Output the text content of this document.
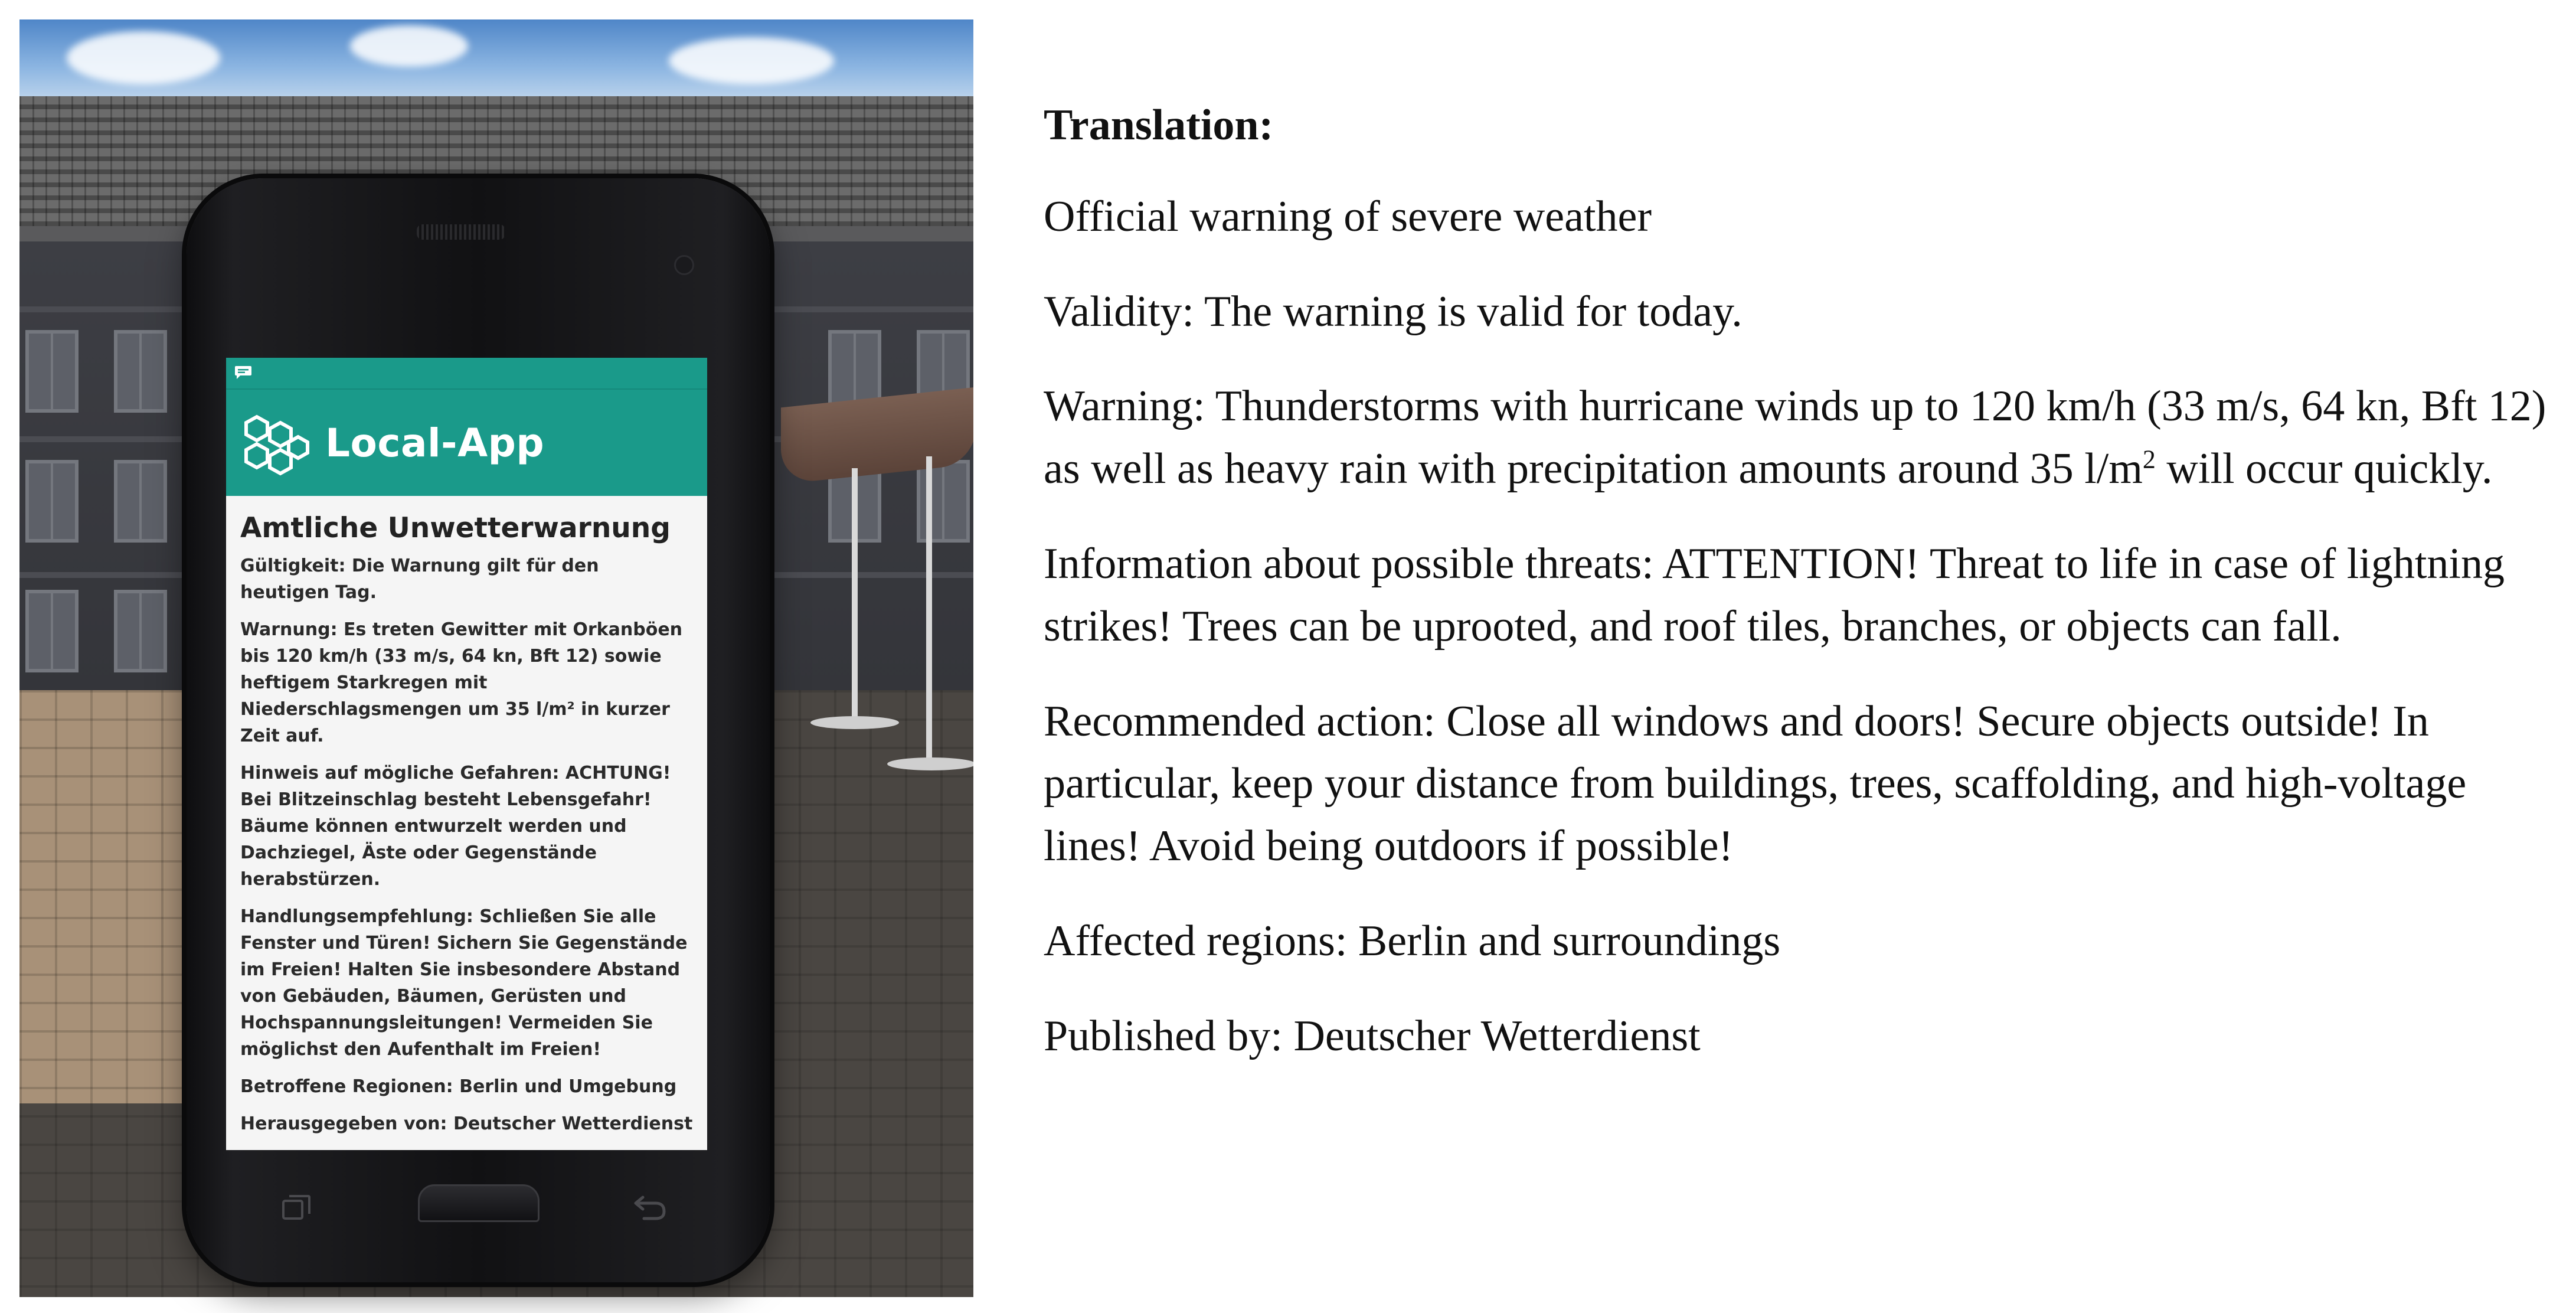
Local-App
Amtliche Unwetterwarnung

Gültigkeit: Die Warnung gilt für den heutigen Tag.

Warnung: Es treten Gewitter mit Orkanböen bis 120 km/h (33 m/s, 64 kn, Bft 12) sowie heftigem Starkregen mit Niederschlagsmengen um 35 l/m² in kurzer Zeit auf.

Hinweis auf mögliche Gefahren: ACHTUNG! Bei Blitzeinschlag besteht Lebensgefahr! Bäume können entwurzelt werden und Dachziegel, Äste oder Gegenstände herabstürzen.

Handlungsempfehlung: Schließen Sie alle Fenster und Türen! Sichern Sie Gegenstände im Freien! Halten Sie insbesondere Abstand von Gebäuden, Bäumen, Gerüsten und Hochspannungsleitungen! Vermeiden Sie möglichst den Aufenthalt im Freien!

Betroffene Regionen: Berlin und Umgebung

Herausgegeben von: Deutscher Wetterdienst

Translation:

Official warning of severe weather

Validity: The warning is valid for today.

Warning: Thunderstorms with hurricane winds up to 120 km/h (33 m/s, 64 kn, Bft 12) as well as heavy rain with precipitation amounts around 35 $l/m^2$ will occur quickly.

Information about possible threats: ATTENTION! Threat to life in case of lightning strikes! Trees can be uprooted, and roof tiles, branches, or objects can fall.

Recommended action: Close all windows and doors! Secure objects outside! In particular, keep your distance from buildings, trees, scaffolding, and high-voltage lines! Avoid being outdoors if possible!

Affected regions: Berlin and surroundings

Published by: Deutscher Wetterdienst
